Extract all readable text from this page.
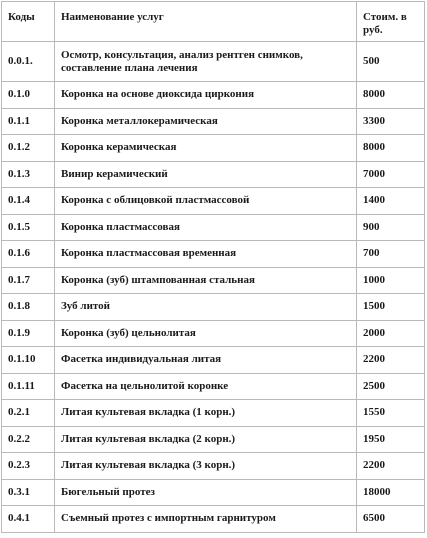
Коды	Наименование услуг	Стоим. в руб.
0.0.1.	Осмотр, консультация, анализ рентген снимков, составление плана лечения	500
0.1.0	Коронка на основе диоксида циркония	8000
0.1.1	Коронка металлокерамическая	3300
0.1.2	Коронка керамическая	8000
0.1.3	Винир керамический	7000
0.1.4	Коронка с облицовкой пластмассовой	1400
0.1.5	Коронка пластмассовая	900
0.1.6	Коронка пластмассовая временная	700
0.1.7	Коронка (зуб) штампованная стальная	1000
0.1.8	Зуб литой	1500
0.1.9	Коронка (зуб) цельнолитая	2000
0.1.10	Фасетка индивидуальная литая	2200
0.1.11	Фасетка на цельнолитой коронке	2500
0.2.1	Литая культевая вкладка (1 корн.)	1550
0.2.2	Литая культевая вкладка (2 корн.)	1950
0.2.3	Литая культевая вкладка (3 корн.)	2200
0.3.1	Бюгельный протез	18000
0.4.1	Съемный протез с импортным гарнитуром	6500
